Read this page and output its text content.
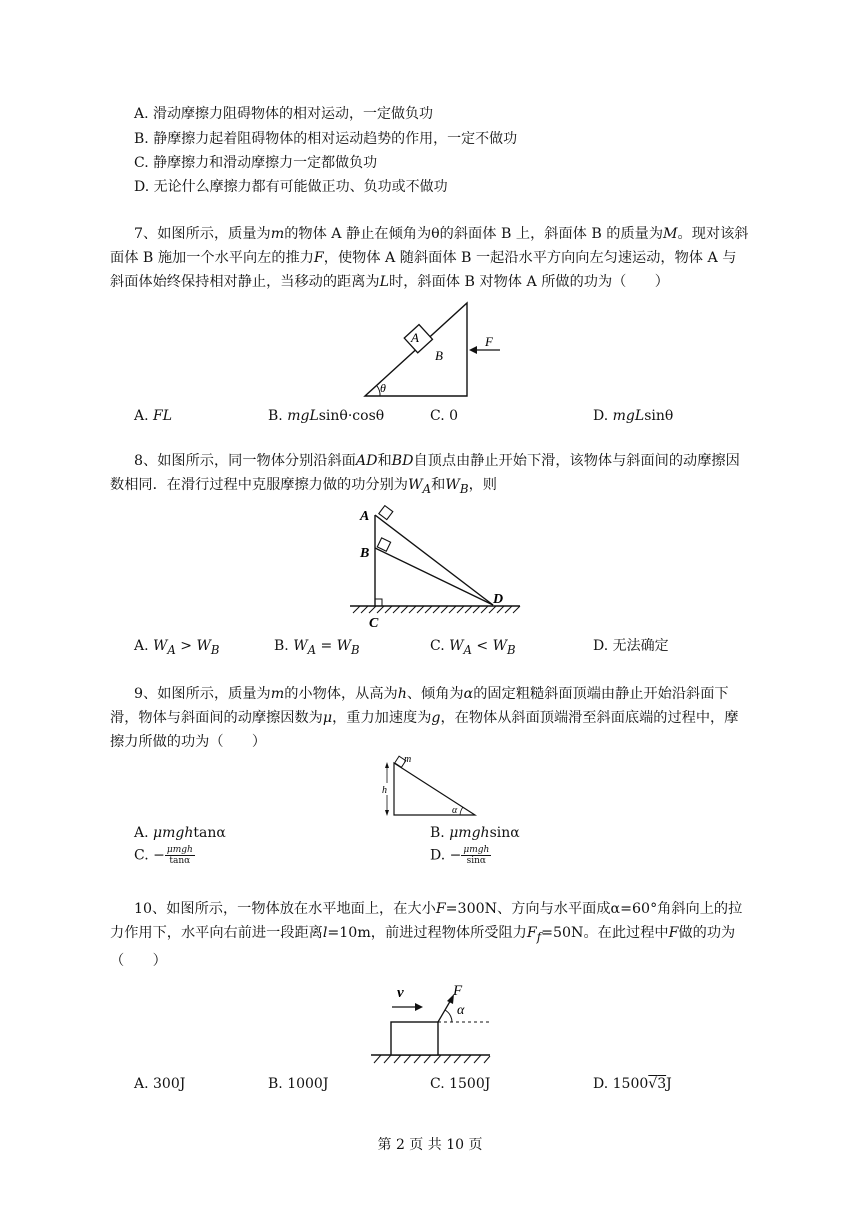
A. 滑动摩擦力阻碍物体的相对运动，一定做负功
B. 静摩擦力起着阻碍物体的相对运动趋势的作用，一定不做功
C. 静摩擦力和滑动摩擦力一定都做负功
D. 无论什么摩擦力都有可能做正功、负功或不做功
7、如图所示，质量为m的物体 A 静止在倾角为θ的斜面体 B 上，斜面体 B 的质量为M。现对该斜面体 B 施加一个水平向左的推力F，使物体 A 随斜面体 B 一起沿水平方向向左匀速运动，物体 A 与斜面体始终保持相对静止，当移动的距离为L时，斜面体 B 对物体 A 所做的功为（　　）
A
B
F
θ
A. FL	B. mgLsinθ·cosθ	C. 0	D. mgLsinθ
8、如图所示，同一物体分别沿斜面AD和BD自顶点由静止开始下滑，该物体与斜面间的动摩擦因数相同．在滑行过程中克服摩擦力做的功分别为$W_A$和$W_B$，则
A
B
C
D
A. $W_A > W_B$	B. $W_A = W_B$	C. $W_A < W_B$	D. 无法确定
9、如图所示，质量为m的小物体，从高为h、倾角为α的固定粗糙斜面顶端由静止开始沿斜面下滑，物体与斜面间的动摩擦因数为μ，重力加速度为g，在物体从斜面顶端滑至斜面底端的过程中，摩擦力所做的功为（　　）
h
m
α
A. μmghtanα	B. μmghsinα
C. − $\frac{\text{μmgh}}{\tan\alpha}$	D. − $\frac{\text{μmgh}}{\sin\alpha}$
10、如图所示，一物体放在水平地面上，在大小F=300N、方向与水平面成α=60°角斜向上的拉力作用下，水平向右前进一段距离l=10m，前进过程物体所受阻力$F_f=50N$。在此过程中F做的功为（　　）
F
α
v
A. 300J	B. 1000J	C. 1500J	D. 1500√3J
第 2 页 共 10 页
